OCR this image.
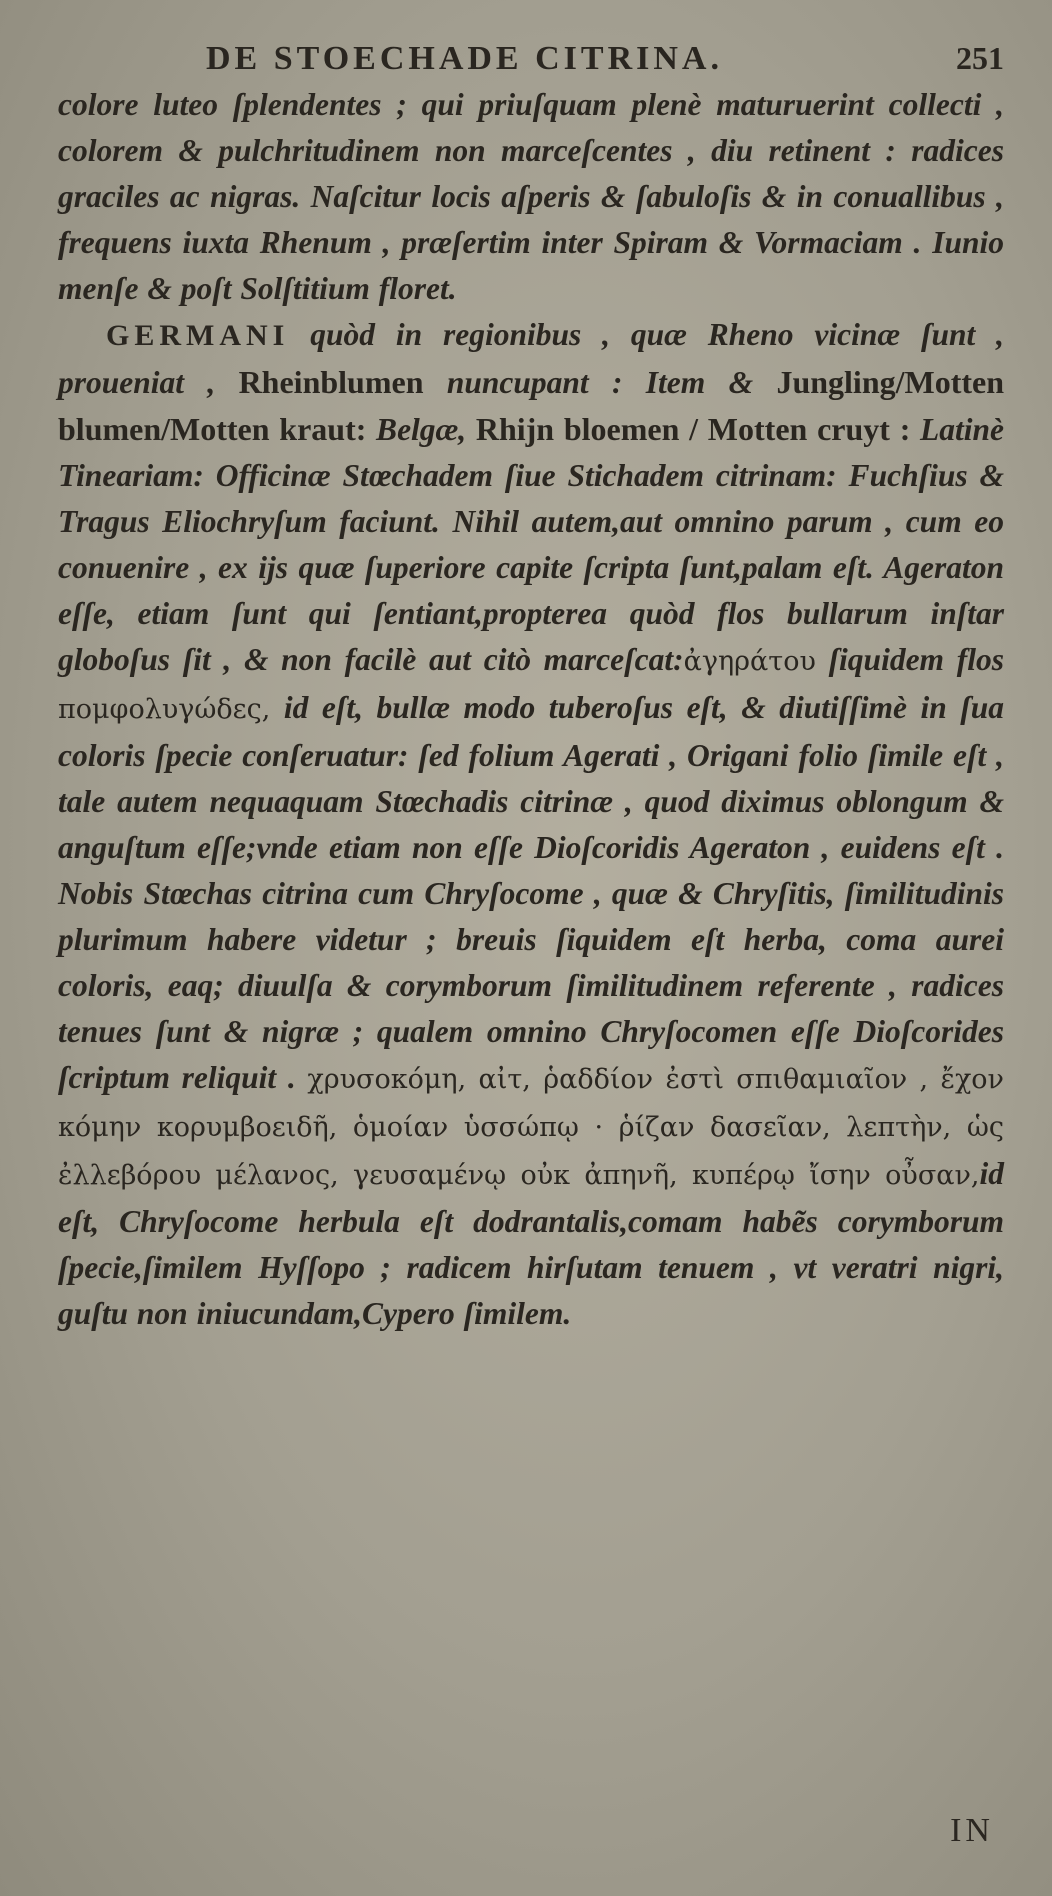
DE STOECHADE CITRINA.	251

colore luteo ſplendentes ; qui priuſquam plenè maturuerint collecti , colorem & pulchritudinem non marceſcentes , diu retinent : radices graciles ac nigras. Naſcitur locis aſperis & ſabuloſis & in conuallibus , frequens iuxta Rhenum , præſertim inter Spiram & Vormaciam . Iunio menſe & poſt Solſtitium floret.

GERMANI quòd in regionibus , quæ Rheno vicinæ ſunt , proueniat , Rheinblumen nuncupant : Item & Jungling/Motten blumen/Motten kraut: Belgæ, Rhijn bloemen / Motten cruyt : Latinè Tineariam: Officinæ Stœchadem ſiue Stichadem citrinam: Fuchſius & Tragus Eliochryſum faciunt. Nihil autem,aut omnino parum , cum eo conuenire , ex ijs quæ ſuperiore capite ſcripta ſunt,palam eſt. Ageraton eſſe, etiam ſunt qui ſentiant,propterea quòd flos bullarum inſtar globoſus ſit , & non facilè aut citò marceſcat:ἀγηράτου ſiquidem flos πομφολυγώδες, id eſt, bullæ modo tuberoſus eſt, & diutiſſimè in ſua coloris ſpecie conſeruatur: ſed folium Agerati , Origani folio ſimile eſt , tale autem nequaquam Stœchadis citrinæ , quod diximus oblongum & anguſtum eſſe;vnde etiam non eſſe Dioſcoridis Ageraton , euidens eſt . Nobis Stœchas citrina cum Chryſocome , quæ & Chryſitis, ſimilitudinis plurimum habere videtur ; breuis ſiquidem eſt herba, coma aurei coloris, eaq; diuulſa & corymborum ſimilitudinem referente , radices tenues ſunt & nigræ ; qualem omnino Chryſocomen eſſe Dioſcorides ſcriptum reliquit . χρυσοκόμη, αἰτ, ῥαδδίον ἐστὶ σπιθαμιαῖον , ἔχον κόμην κορυμβοειδῆ, ὁμοίαν ὑσσώπῳ · ῥίζαν δασεῖαν, λεπτὴν, ὡς ἐλλεβόρου μέλανος, γευσαμένῳ οὐκ ἀπηνῆ, κυπέρῳ ἴσην οὖσαν,id eſt, Chryſocome herbula eſt dodrantalis,comam habẽs corymborum ſpecie,ſimilem Hyſſopo ; radicem hirſutam tenuem , vt veratri nigri, guſtu non iniucundam,Cypero ſimilem.

IN
